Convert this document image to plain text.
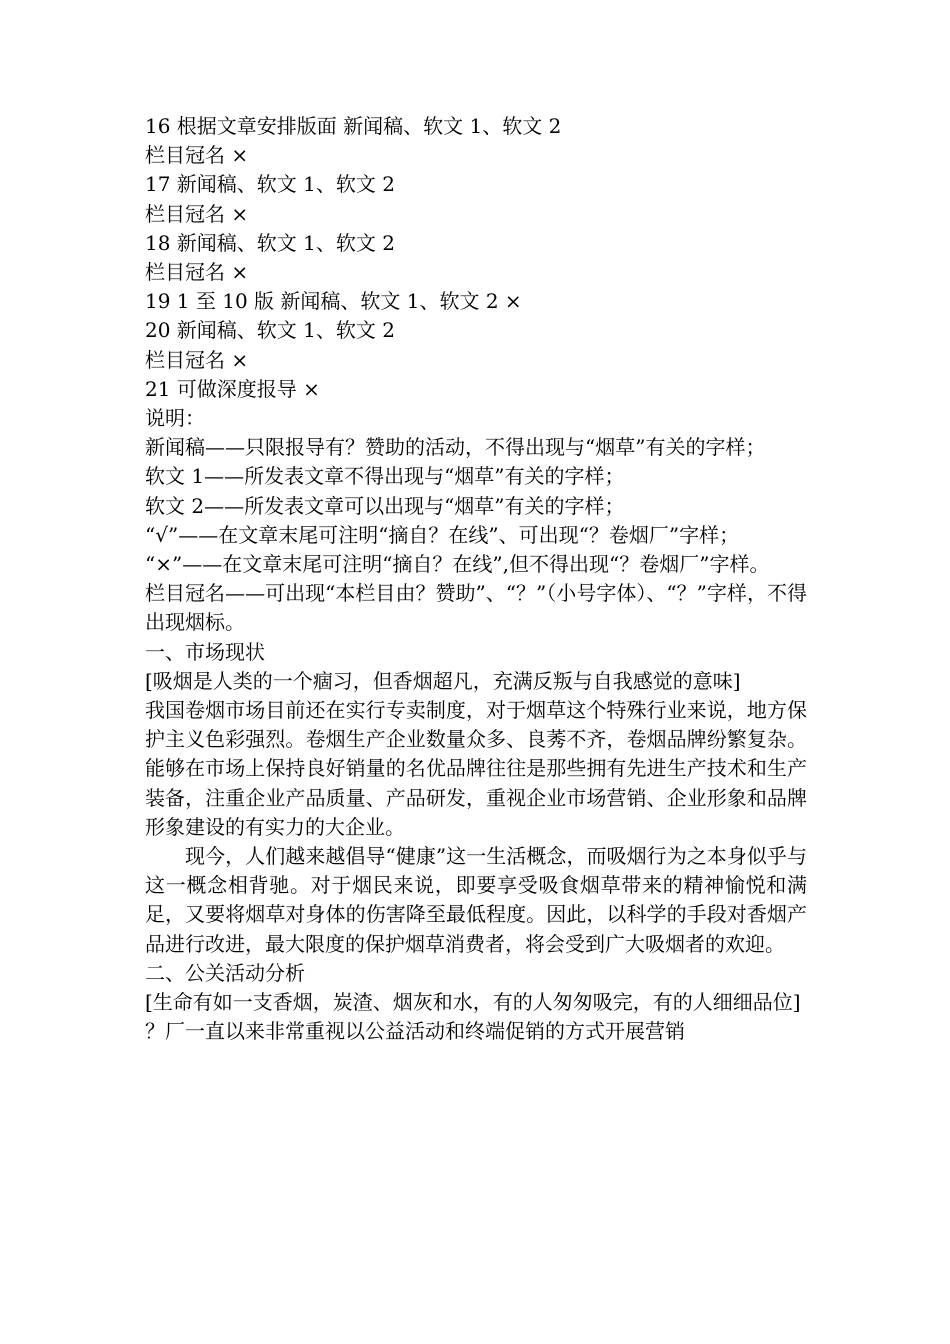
16 根据文章安排版面 新闻稿、软文 1、软文 2
栏目冠名 ×
17 新闻稿、软文 1、软文 2
栏目冠名 ×
18 新闻稿、软文 1、软文 2
栏目冠名 ×
19 1 至 10 版 新闻稿、软文 1、软文 2 ×
20 新闻稿、软文 1、软文 2
栏目冠名 ×
21 可做深度报导 ×
说明：
新闻稿——只限报导有？赞助的活动，不得出现与“烟草”有关的字样；
软文 1——所发表文章不得出现与“烟草”有关的字样；
软文 2——所发表文章可以出现与“烟草”有关的字样；
“√”——在文章末尾可注明“摘自？在线”、可出现“？卷烟厂”字样；
“×”——在文章末尾可注明“摘自？在线”,但不得出现“？卷烟厂”字样。
栏目冠名——可出现“本栏目由？赞助”、“？”（小号字体）、“？”字样，不得出现烟标。
一、市场现状
[吸烟是人类的一个痼习，但香烟超凡，充满反叛与自我感觉的意味]
我国卷烟市场目前还在实行专卖制度，对于烟草这个特殊行业来说，地方保护主义色彩强烈。卷烟生产企业数量众多、良莠不齐，卷烟品牌纷繁复杂。能够在市场上保持良好销量的名优品牌往往是那些拥有先进生产技术和生产装备，注重企业产品质量、产品研发，重视企业市场营销、企业形象和品牌形象建设的有实力的大企业。
现今，人们越来越倡导“健康”这一生活概念，而吸烟行为之本身似乎与这一概念相背驰。对于烟民来说，即要享受吸食烟草带来的精神愉悦和满足，又要将烟草对身体的伤害降至最低程度。因此，以科学的手段对香烟产品进行改进，最大限度的保护烟草消费者，将会受到广大吸烟者的欢迎。
二、公关活动分析
[生命有如一支香烟，炭渣、烟灰和水，有的人匆匆吸完，有的人细细品位]
？厂一直以来非常重视以公益活动和终端促销的方式开展营销
